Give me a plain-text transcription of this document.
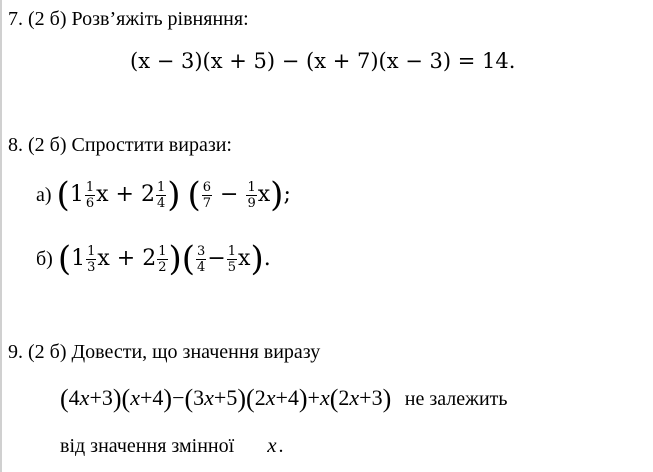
7. (2 б) Розв’яжіть рівняння:
(x − 3)(x + 5) − (x + 7)(x − 3) = 14.
8. (2 б) Спростити вирази:
а) ($1 \frac{1}{6}$ $x + 2 \frac{1}{4}$ ) ( $\frac{6}{7} - \frac{1}{9} x$);
б) ($1 \frac{1}{3}$ $x + 2 \frac{1}{2}$ )( $\frac{3}{4} - \frac{1}{5} x$).
9. (2 б) Довести, що значення виразу
(4x+3)(x+4)−(3x+5)(2x+4)+x(2x+3) не залежить
від значення змінної x .
